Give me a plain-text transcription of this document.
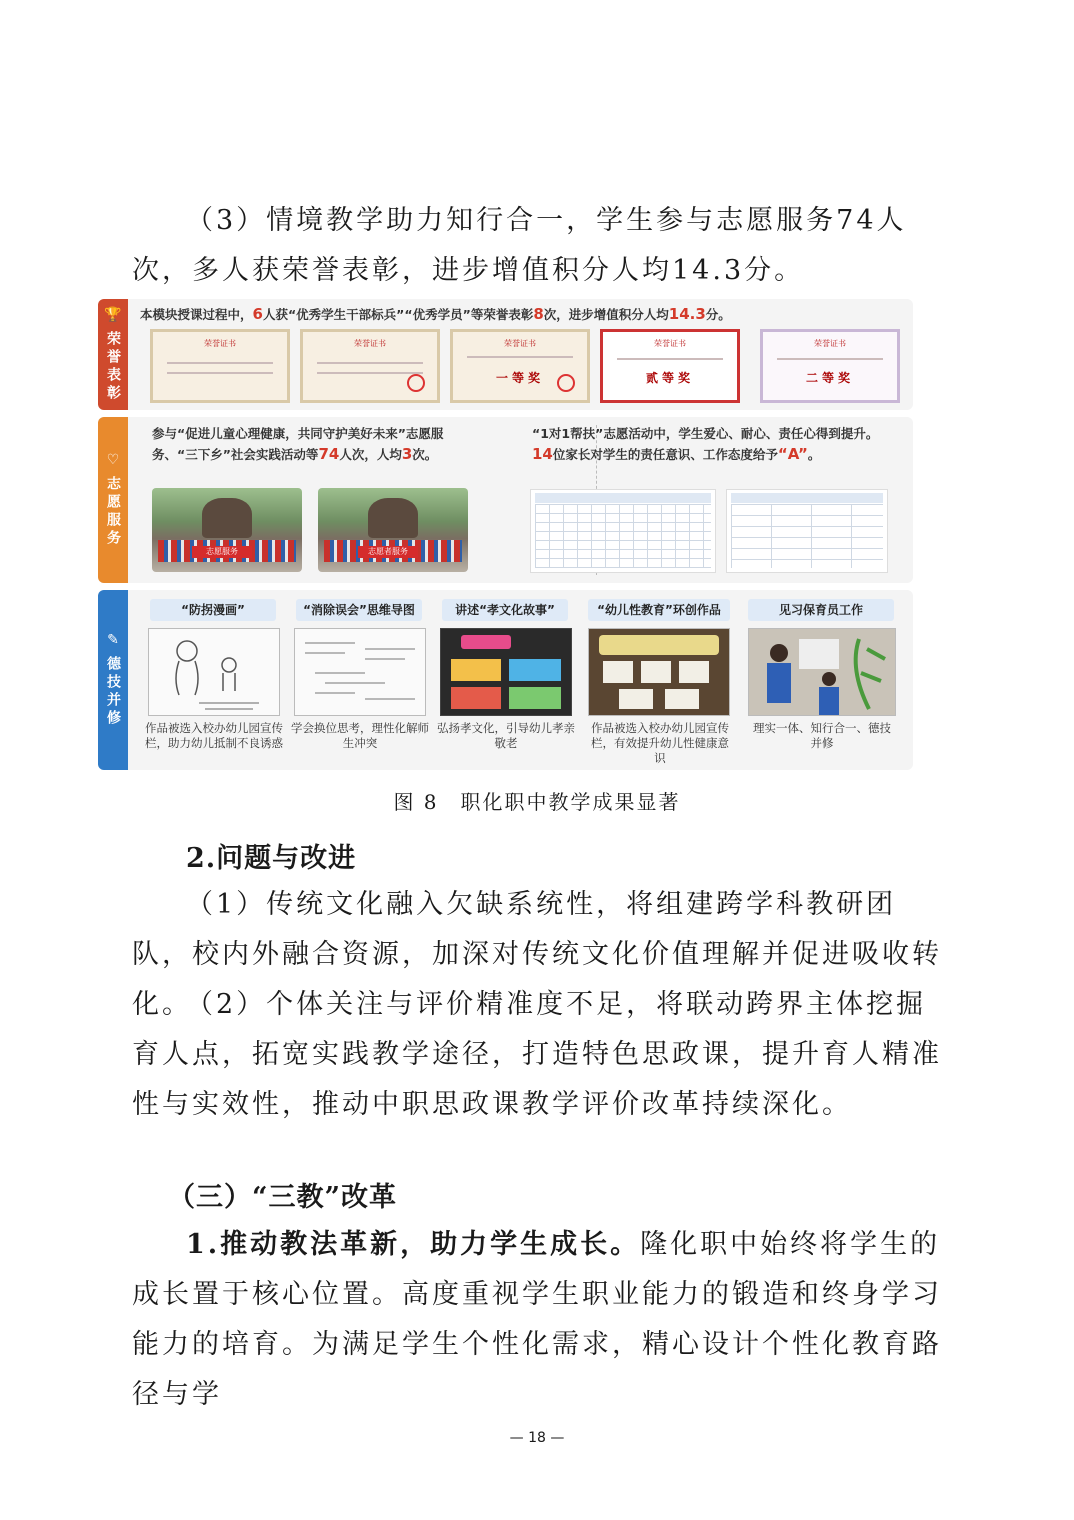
（3）情境教学助力知行合一，学生参与志愿服务74人次，多人获荣誉表彰，进步增值积分人均14.3分。

🏆
荣誉表彰
本模块授课过程中，6人获“优秀学生干部标兵”“优秀学员”等荣誉表彰8次，进步增值积分人均14.3分。
荣誉证书	荣誉证书	荣誉证书
一等奖
荣誉证书
贰等奖
荣誉证书
二等奖
♡
志愿服务
参与“促进儿童心理健康，共同守护美好未来”志愿服务、“三下乡”社会实践活动等74人次，人均3次。
“1对1帮扶”志愿活动中，学生爱心、耐心、责任心得到提升。14位家长对学生的责任意识、工作态度给予“A”。
志愿服务	志愿者服务
✎
德技并修
“防拐漫画”	“消除误会”思维导图	讲述“孝文化故事”	“幼儿性教育”环创作品	见习保育员工作
作品被选入校办幼儿园宣传栏，助力幼儿抵制不良诱惑
学会换位思考，理性化解师生冲突
弘扬孝文化，引导幼儿孝亲敬老
作品被选入校办幼儿园宣传栏，有效提升幼儿性健康意识
理实一体、知行合一、德技并修
图 8　职化职中教学成果显著

2.问题与改进

（1）传统文化融入欠缺系统性，将组建跨学科教研团队，校内外融合资源，加深对传统文化价值理解并促进吸收转化。

（2）个体关注与评价精准度不足，将联动跨界主体挖掘育人点，拓宽实践教学途径，打造特色思政课，提升育人精准性与实效性，推动中职思政课教学评价改革持续深化。

（三）“三教”改革

1.推动教法革新，助力学生成长。隆化职中始终将学生的成长置于核心位置。高度重视学生职业能力的锻造和终身学习能力的培育。为满足学生个性化需求，精心设计个性化教育路径与学

— 18 —
